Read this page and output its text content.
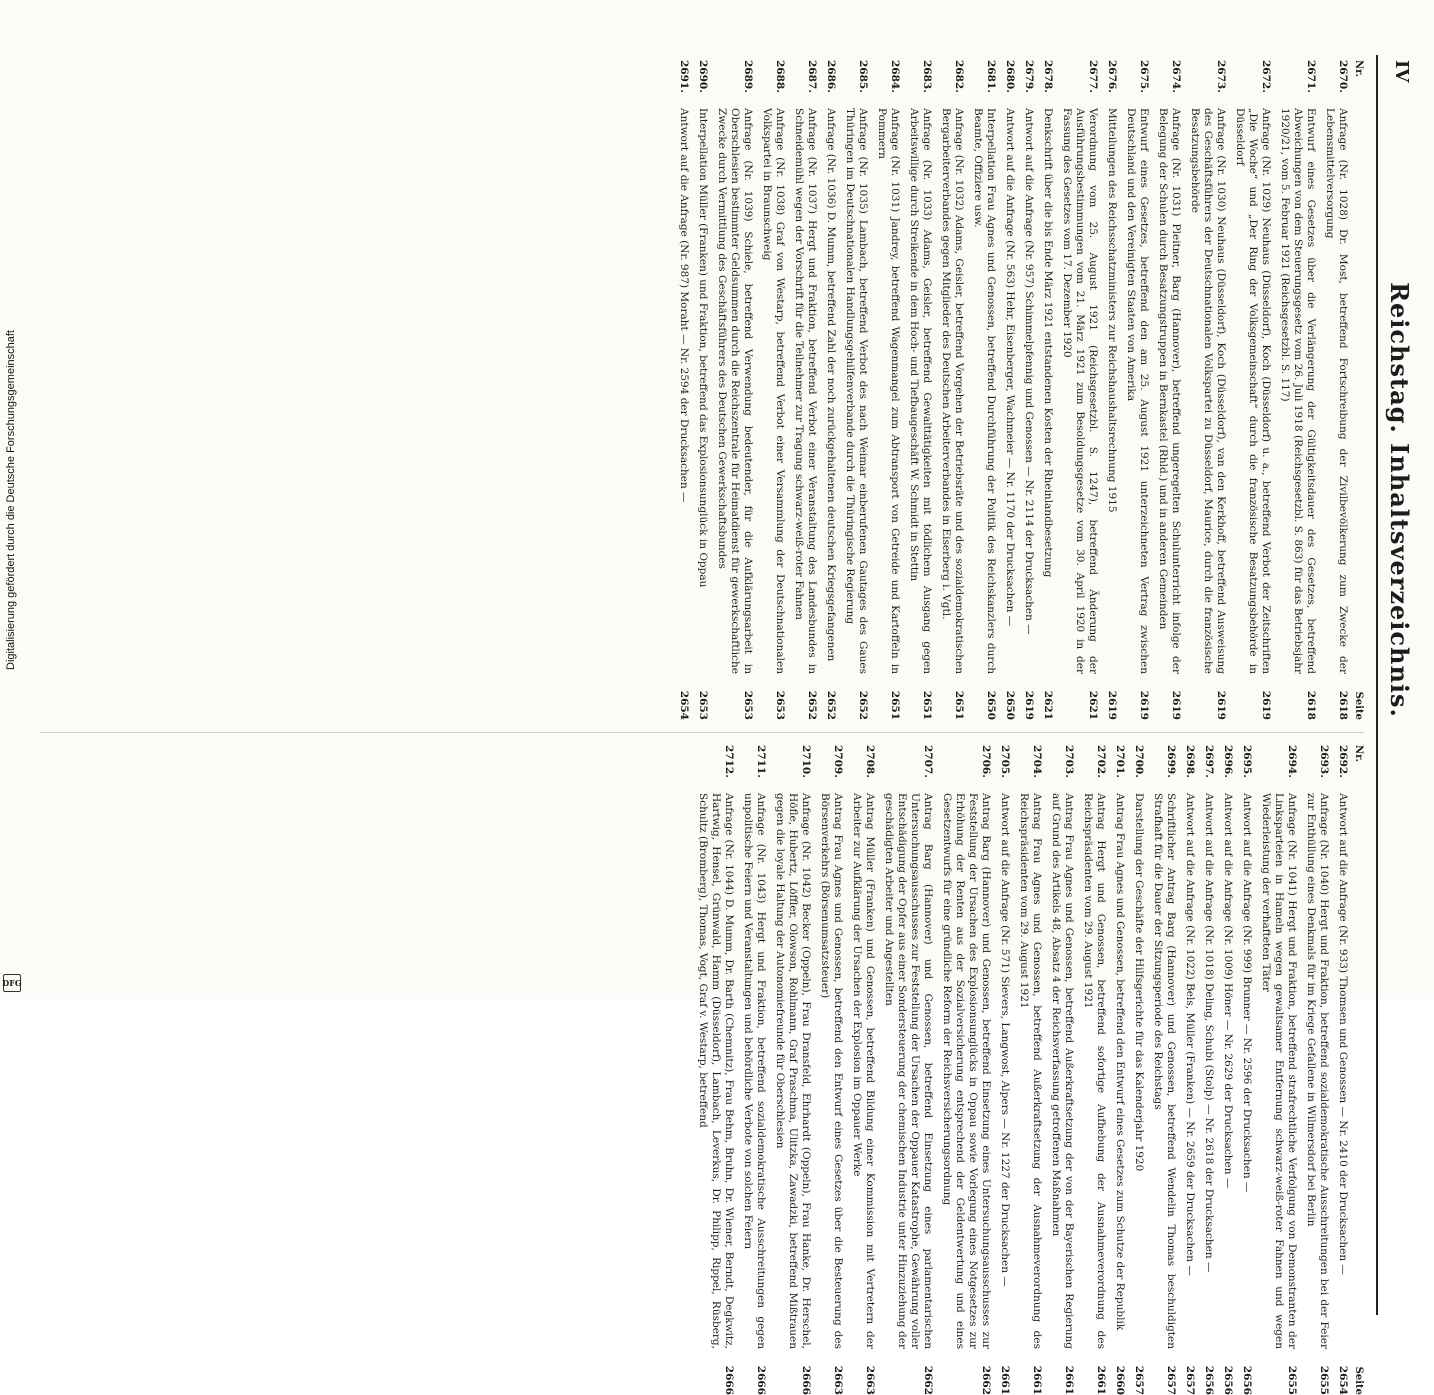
IV
Reichstag. Inhaltsverzeichnis.
Nr.
Seite
2670.
Anfrage (Nr. 1028) Dr. Most, betreffend Fortschreibung der Zivilbevölkerung zum Zwecke der Lebensmittelversorgung
2618
2671.
Entwurf eines Gesetzes über die Verlängerung der Gültigkeitsdauer des Gesetzes, betreffend Abweichungen von dem Steuerungsgesetz vom 26. Juli 1918 (Reichsgesetzbl. S. 863) für das Betriebsjahr 1920/21, vom 5. Februar 1921 (Reichsgesetzbl. S. 117)
2618
2672.
Anfrage (Nr. 1029) Neuhaus (Düsseldorf), Koch (Düsseldorf) u. a., betreffend Verbot der Zeitschriften „Die Woche“ und „Der Ring der Volksgemeinschaft“ durch die französische Besatzungsbehörde in Düsseldorf
2619
2673.
Anfrage (Nr. 1030) Neuhaus (Düsseldorf), Koch (Düsseldorf), van den Kerkhoff, betreffend Ausweisung des Geschäftsführers der Deutschnationalen Volkspartei zu Düsseldorf, Maurice, durch die französische Besatzungsbehörde
2619
2674.
Anfrage (Nr. 1031) Pleitner, Barg (Hannover), betreffend ungeregelten Schulunterricht infolge der Belegung der Schulen durch Besatzungstruppen in Bernkastel (Rhld.) und in anderen Gemeinden
2619
2675.
Entwurf eines Gesetzes, betreffend den am 25. August 1921 unterzeichneten Vertrag zwischen Deutschland und den Vereinigten Staaten von Amerika
2619
2676.
Mitteilungen des Reichsschatzministers zur Reichshaushaltsrechnung 1915
2619
2677.
Verordnung vom 25. August 1921 (Reichsgesetzbl. S. 1247), betreffend Änderung der Ausführungsbestimmungen vom 21. März 1921 zum Besoldungsgesetze vom 30. April 1920 in der Fassung des Gesetzes vom 17. Dezember 1920
2621
2678.
Denkschrift über die bis Ende März 1921 entstandenen Kosten der Rheinlandbesetzung
2621
2679.
Antwort auf die Anfrage (Nr. 957) Schimmelpfennig und Genossen — Nr. 2114 der Drucksachen —
2619
2680.
Antwort auf die Anfrage (Nr. 563) Hehr, Eisenberger, Wachmeier — Nr. 1170 der Drucksachen —
2650
2681.
Interpellation Frau Agnes und Genossen, betreffend Durchführung der Politik des Reichskanzlers durch Beamte, Offiziere usw.
2650
2682.
Anfrage (Nr. 1032) Adams, Geisler, betreffend Vorgehen der Betriebsräte und des sozialdemokratischen Bergarbeiterverbandes gegen Mitglieder des Deutschen Arbeiterverbandes in Eiserberg i. Vgtl.
2651
2683.
Anfrage (Nr. 1033) Adams, Geisler, betreffend Gewalttätigkeiten mit tödlichem Ausgang gegen Arbeitswillige durch Streikende in dem Hoch- und Tiefbaugeschäft W. Schmidt in Stettin
2651
2684.
Anfrage (Nr. 1031) Jandrey, betreffend Wagenmangel zum Abtransport von Getreide und Kartoffeln in Pommern
2651
2685.
Anfrage (Nr. 1035) Lambach, betreffend Verbot des nach Weimar einberufenen Gautages des Gaues Thüringen im Deutschnationalen Handlungsgehilfenverbande durch die Thüringische Regierung
2652
2686.
Anfrage (Nr. 1036) D. Mumm, betreffend Zahl der noch zurückgehaltenen deutschen Kriegsgefangenen
2652
2687.
Anfrage (Nr. 1037) Hergt und Fraktion, betreffend Verbot einer Veranstaltung des Landesbundes in Schneidemühl wegen der Vorschrift für die Teilnehmer zur Tragung schwarz-weiß-roter Fahnen
2652
2688.
Anfrage (Nr. 1038) Graf von Westarp, betreffend Verbot einer Versammlung der Deutschnationalen Volkspartei in Braunschweig
2653
2689.
Anfrage (Nr. 1039) Schiele, betreffend Verwendung bedeutender, für die Aufklärungsarbeit in Oberschlesien bestimmter Geldsummen durch die Reichszentrale für Heimatdienst für gewerkschaftliche Zwecke durch Vermittlung des Geschäftsführers des Deutschen Gewerkschaftsbundes
2653
2690.
Interpellation Müller (Franken) und Fraktion, betreffend das Explosionsunglück in Oppau
2653
2691.
Antwort auf die Anfrage (Nr. 987) Moraht — Nr. 2594 der Drucksachen —
2654
Nr.
Seite
2692.
Antwort auf die Anfrage (Nr. 933) Thomsen und Genossen — Nr. 2410 der Drucksachen —
2654
2693.
Anfrage (Nr. 1040) Hergt und Fraktion, betreffend sozialdemokratische Ausschreitungen bei der Feier zur Enthüllung eines Denkmals für im Kriege Gefallene in Wilmersdorf bei Berlin
2655
2694.
Anfrage (Nr. 1041) Hergt und Fraktion, betreffend strafrechtliche Verfolgung von Demonstranten der Linksparteien in Hameln wegen gewaltsamer Entfernung schwarz-weiß-roter Fahnen und wegen Wiederleistung der verhafteten Täter
2655
2695.
Antwort auf die Anfrage (Nr. 999) Brunner — Nr. 2596 der Drucksachen —
2656
2696.
Antwort auf die Anfrage (Nr. 1009) Höner — Nr. 2629 der Drucksachen —
2656
2697.
Antwort auf die Anfrage (Nr. 1018) Deling, Schubi (Stolp) — Nr. 2618 der Drucksachen —
2656
2698.
Antwort auf die Anfrage (Nr. 1022) Bels, Müller (Franken) — Nr. 2659 der Drucksachen —
2657
2699.
Schriftlicher Antrag Barg (Hannover) und Genossen, betreffend Wendelin Thomas beschuldigten Strafhaft für die Dauer der Sitzungsperiode des Reichstags
2657
2700.
Darstellung der Geschäfte der Hilfsgerichte für das Kalenderjahr 1920
2657
2701.
Antrag Frau Agnes und Genossen, betreffend den Entwurf eines Gesetzes zum Schutze der Republik
2660
2702.
Antrag Hergt und Genossen, betreffend sofortige Aufhebung der Ausnahmeverordnung des Reichspräsidenten vom 29. August 1921
2661
2703.
Antrag Frau Agnes und Genossen, betreffend Außerkraftsetzung der von der Bayerischen Regierung auf Grund des Artikels 48, Absatz 4 der Reichsverfassung getroffenen Maßnahmen
2661
2704.
Antrag Frau Agnes und Genossen, betreffend Außerkraftsetzung der Ausnahmeverordnung des Reichspräsidenten vom 29. August 1921
2661
2705.
Antwort auf die Anfrage (Nr. 571) Sievers, Langwost, Alpers — Nr. 1227 der Drucksachen —
2661
2706.
Antrag Barg (Hannover) und Genossen, betreffend Einsetzung eines Untersuchungsausschusses zur Feststellung der Ursachen des Explosionsunglücks in Oppau sowie Vorlegung eines Notgesetzes zur Erhöhung der Renten aus der Sozialversicherung entsprechend der Geldentwertung und eines Gesetzentwurfs für eine gründliche Reform der Reichsversicherungsordnung
2662
2707.
Antrag Barg (Hannover) und Genossen, betreffend Einsetzung eines parlamentarischen Untersuchungsausschusses zur Feststellung der Ursachen der Oppauer Katastrophe, Gewährung voller Entschädigung der Opfer aus einer Sondersteuerung der chemischen Industrie unter Hinzuziehung der geschädigten Arbeiter und Angestellten
2662
2708.
Antrag Müller (Franken) und Genossen, betreffend Bildung einer Kommission mit Vertretern der Arbeiter zur Aufklärung der Ursachen der Explosion im Oppauer Werke
2663
2709.
Antrag Frau Agnes und Genossen, betreffend den Entwurf eines Gesetzes über die Besteuerung des Börsenverkehrs (Börsenumsatzsteuer)
2663
2710.
Anfrage (Nr. 1042) Becker (Oppeln), Frau Dransfeld, Ehrhardt (Oppeln), Frau Hanke, Dr. Herschel, Höfle, Hubertz, Löffler, Olowson, Rohlmann, Graf Praschma, Ulitzka, Zawadzki, betreffend Mißtrauen gegen die loyale Haltung der Autonomiefreunde für Oberschlesien
2666
2711.
Anfrage (Nr. 1043) Hergt und Fraktion, betreffend sozialdemokratische Ausschreitungen gegen unpolitische Feiern und Veranstaltungen und behördliche Verbote von solchen Feiern
2666
2712.
Anfrage (Nr. 1044) D. Mumm, Dr. Barth (Chemnitz), Frau Behm, Bruhn, Dr. Wiener, Berndt, Degkwitz, Hartwig, Hensel, Grünwald, Hamm (Düsseldorf), Lambach, Leverkus, Dr. Philipp, Rippel, Rüsberg, Schultz (Bromberg), Thomas, Vogt, Graf v. Westarp, betreffend
2666
Digitalisierung gefördert durch die Deutsche Forschungsgemeinschaft
DFG
